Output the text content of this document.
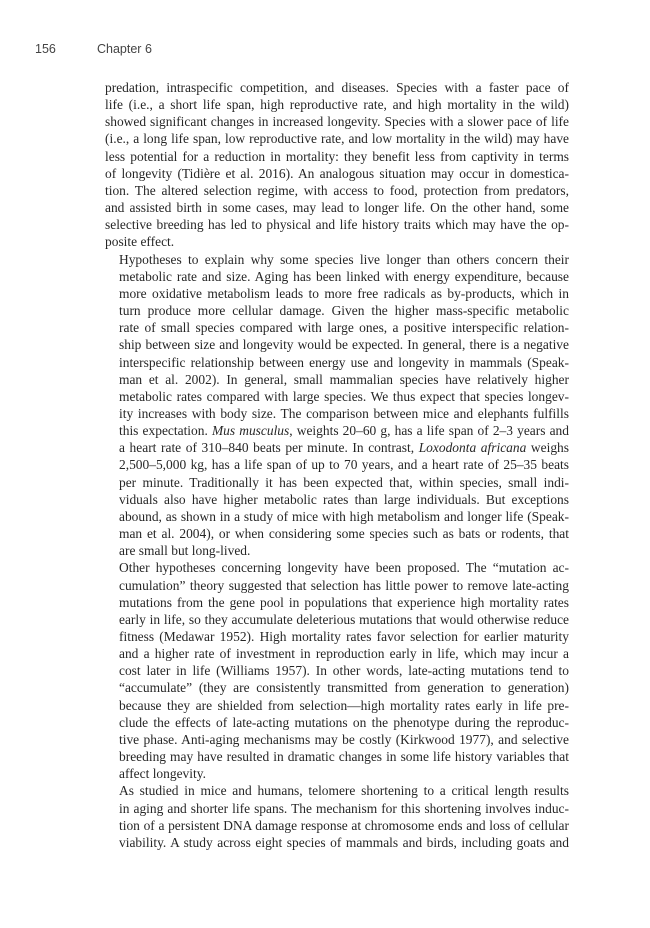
156	Chapter 6

predation, intraspecific competition, and diseases. Species with a faster pace of
life (i.e., a short life span, high reproductive rate, and high mortality in the wild)
showed significant changes in increased longevity. Species with a slower pace of life
(i.e., a long life span, low reproductive rate, and low mortality in the wild) may have
less potential for a reduction in mortality: they benefit less from captivity in terms
of longevity (Tidière et al. 2016). An analogous situation may occur in domestica-
tion. The altered selection regime, with access to food, protection from predators,
and assisted birth in some cases, may lead to longer life. On the other hand, some
selective breeding has led to physical and life history traits which may have the op-
posite effect.

Hypotheses to explain why some species live longer than others concern their
metabolic rate and size. Aging has been linked with energy expenditure, because
more oxidative metabolism leads to more free radicals as by-products, which in
turn produce more cellular damage. Given the higher mass-specific metabolic
rate of small species compared with large ones, a positive interspecific relation-
ship between size and longevity would be expected. In general, there is a negative
interspecific relationship between energy use and longevity in mammals (Speak-
man et al. 2002). In general, small mammalian species have relatively higher
metabolic rates compared with large species. We thus expect that species longev-
ity increases with body size. The comparison between mice and elephants fulfills
this expectation. Mus musculus, weights 20–60 g, has a life span of 2–3 years and
a heart rate of 310–840 beats per minute. In contrast, Loxodonta africana weighs
2,500–5,000 kg, has a life span of up to 70 years, and a heart rate of 25–35 beats
per minute. Traditionally it has been expected that, within species, small indi-
viduals also have higher metabolic rates than large individuals. But exceptions
abound, as shown in a study of mice with high metabolism and longer life (Speak-
man et al. 2004), or when considering some species such as bats or rodents, that
are small but long-lived.

Other hypotheses concerning longevity have been proposed. The “mutation ac-
cumulation” theory suggested that selection has little power to remove late-acting
mutations from the gene pool in populations that experience high mortality rates
early in life, so they accumulate deleterious mutations that would otherwise reduce
fitness (Medawar 1952). High mortality rates favor selection for earlier maturity
and a higher rate of investment in reproduction early in life, which may incur a
cost later in life (Williams 1957). In other words, late-acting mutations tend to
“accumulate” (they are consistently transmitted from generation to generation)
because they are shielded from selection—high mortality rates early in life pre-
clude the effects of late-acting mutations on the phenotype during the reproduc-
tive phase. Anti-aging mechanisms may be costly (Kirkwood 1977), and selective
breeding may have resulted in dramatic changes in some life history variables that
affect longevity.

As studied in mice and humans, telomere shortening to a critical length results
in aging and shorter life spans. The mechanism for this shortening involves induc-
tion of a persistent DNA damage response at chromosome ends and loss of cellular
viability. A study across eight species of mammals and birds, including goats and
